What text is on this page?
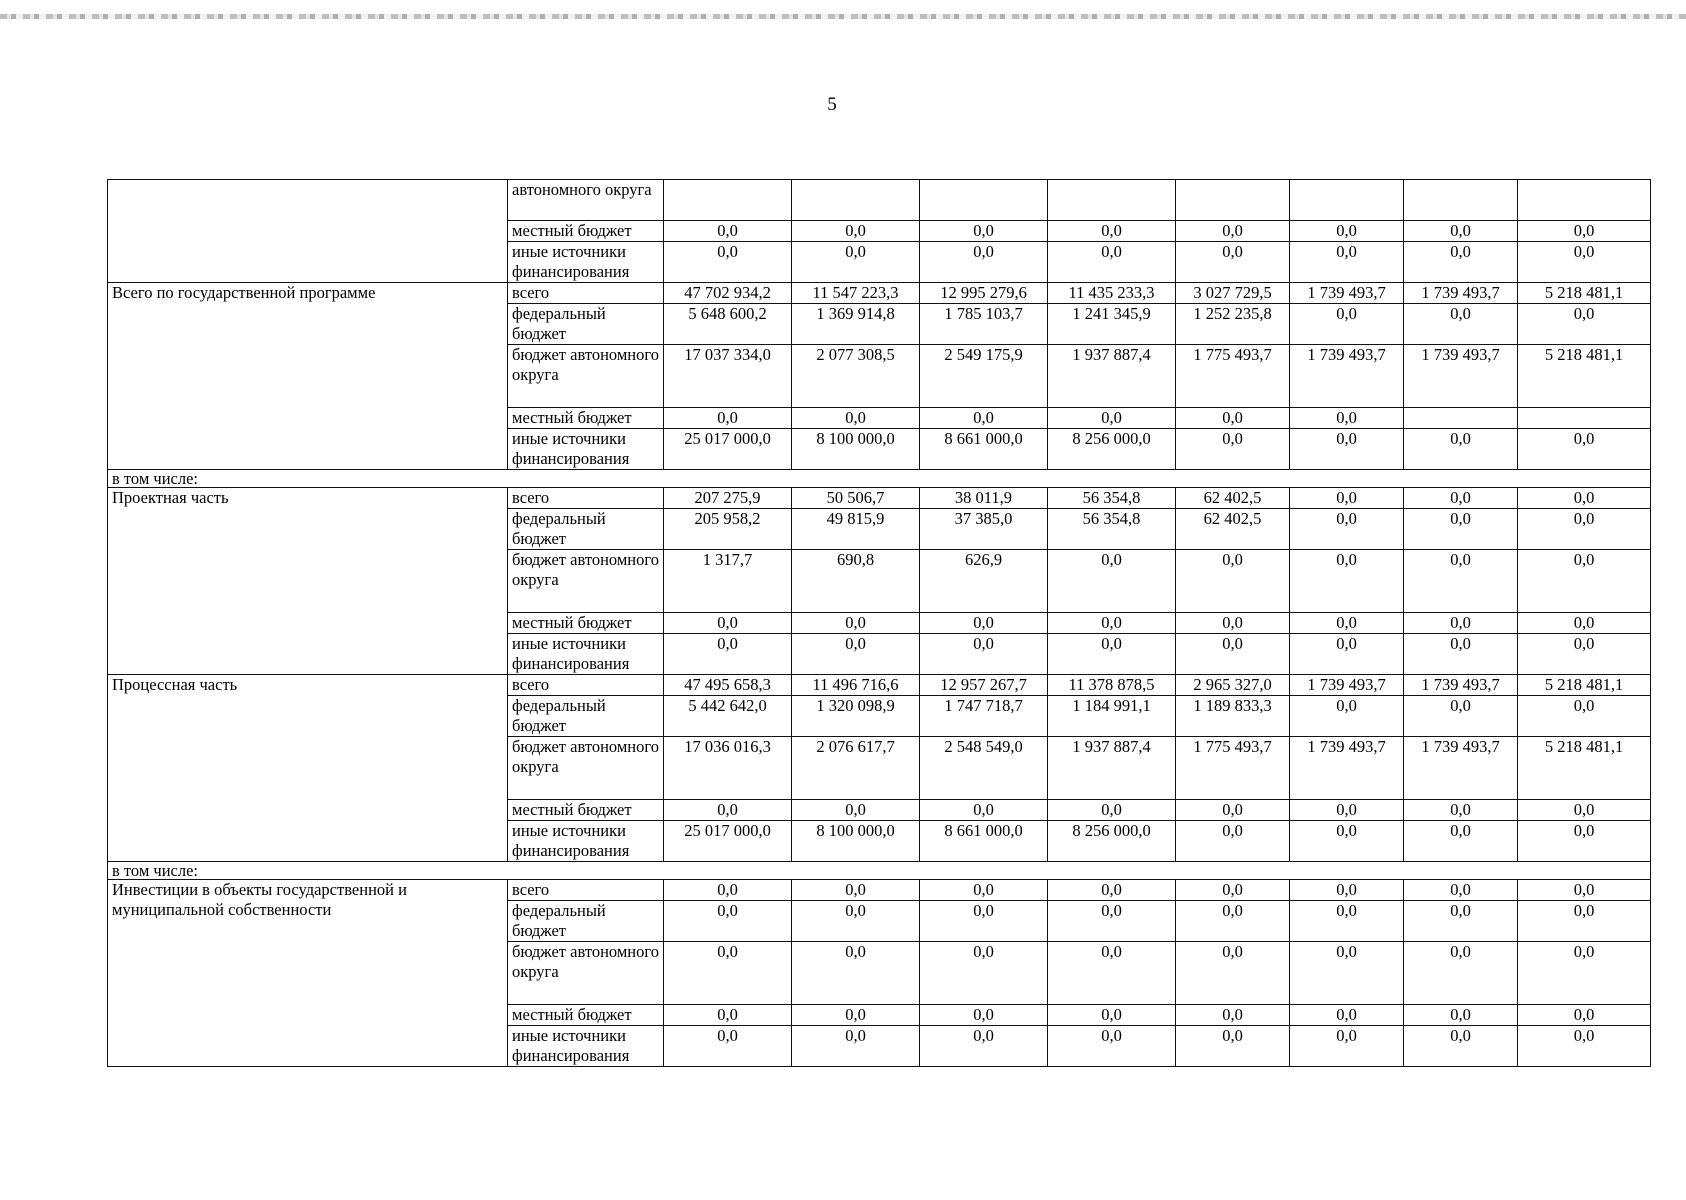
5
	автономного округа								
	местный бюджет	0,0	0,0	0,0	0,0	0,0	0,0	0,0	0,0
	иные источники финансирования	0,0	0,0	0,0	0,0	0,0	0,0	0,0	0,0
Всего по государственной программе	всего	47 702 934,2	11 547 223,3	12 995 279,6	11 435 233,3	3 027 729,5	1 739 493,7	1 739 493,7	5 218 481,1
	федеральный бюджет	5 648 600,2	1 369 914,8	1 785 103,7	1 241 345,9	1 252 235,8	0,0	0,0	0,0
	бюджет автономного округа	17 037 334,0	2 077 308,5	2 549 175,9	1 937 887,4	1 775 493,7	1 739 493,7	1 739 493,7	5 218 481,1
	местный бюджет	0,0	0,0	0,0	0,0	0,0	0,0		
	иные источники финансирования	25 017 000,0	8 100 000,0	8 661 000,0	8 256 000,0	0,0	0,0	0,0	0,0
в том числе:									
Проектная часть	всего	207 275,9	50 506,7	38 011,9	56 354,8	62 402,5	0,0	0,0	0,0
	федеральный бюджет	205 958,2	49 815,9	37 385,0	56 354,8	62 402,5	0,0	0,0	0,0
	бюджет автономного округа	1 317,7	690,8	626,9	0,0	0,0	0,0	0,0	0,0
	местный бюджет	0,0	0,0	0,0	0,0	0,0	0,0	0,0	0,0
	иные источники финансирования	0,0	0,0	0,0	0,0	0,0	0,0	0,0	0,0
Процессная часть	всего	47 495 658,3	11 496 716,6	12 957 267,7	11 378 878,5	2 965 327,0	1 739 493,7	1 739 493,7	5 218 481,1
	федеральный бюджет	5 442 642,0	1 320 098,9	1 747 718,7	1 184 991,1	1 189 833,3	0,0	0,0	0,0
	бюджет автономного округа	17 036 016,3	2 076 617,7	2 548 549,0	1 937 887,4	1 775 493,7	1 739 493,7	1 739 493,7	5 218 481,1
	местный бюджет	0,0	0,0	0,0	0,0	0,0	0,0	0,0	0,0
	иные источники финансирования	25 017 000,0	8 100 000,0	8 661 000,0	8 256 000,0	0,0	0,0	0,0	0,0
в том числе:									
Инвестиции в объекты государственной и муниципальной собственности	всего	0,0	0,0	0,0	0,0	0,0	0,0	0,0	0,0
	федеральный бюджет	0,0	0,0	0,0	0,0	0,0	0,0	0,0	0,0
	бюджет автономного округа	0,0	0,0	0,0	0,0	0,0	0,0	0,0	0,0
	местный бюджет	0,0	0,0	0,0	0,0	0,0	0,0	0,0	0,0
	иные источники финансирования	0,0	0,0	0,0	0,0	0,0	0,0	0,0	0,0
